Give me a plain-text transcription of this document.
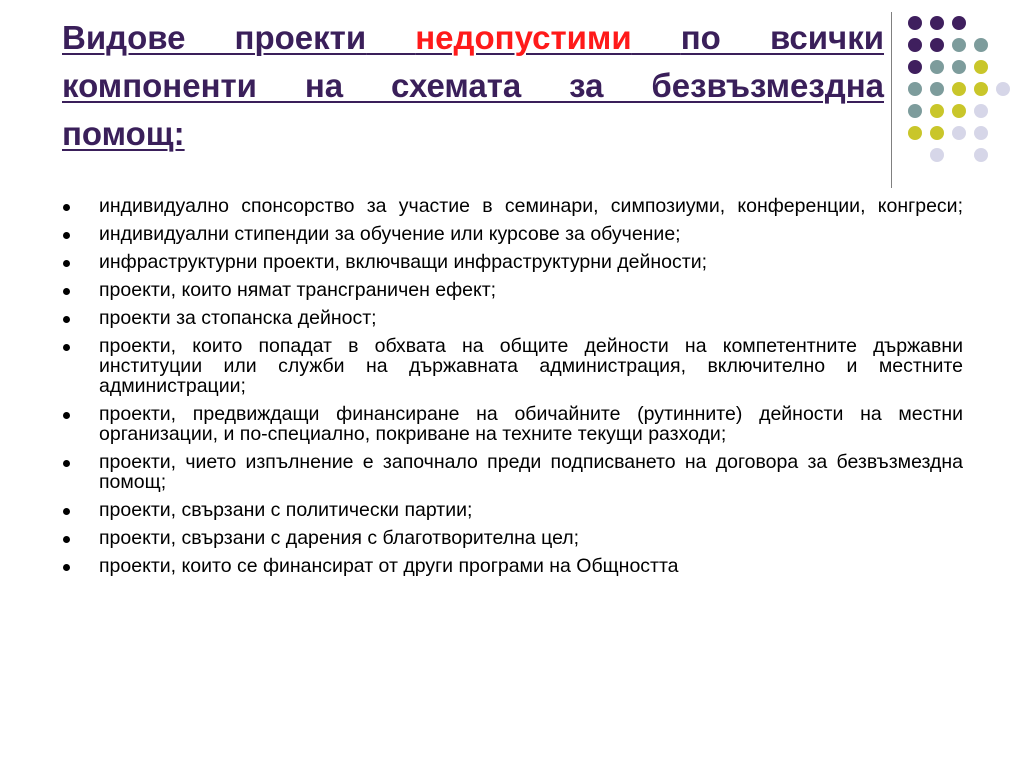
Видове проекти недопустими по всички
компоненти на схемата за безвъзмездна

помощ:
индивидуално спонсорство за участие в семинари, симпозиуми, конференции, конгреси;
индивидуални стипендии за обучение или курсове за обучение;
инфраструктурни проекти, включващи инфраструктурни дейности;
проекти, които нямат трансграничен ефект;
проекти за стопанска дейност;
проекти, които попадат в обхвата на общите дейности на компетентните държавни институции или служби на държавната администрация, включително и местните администрации;
проекти, предвиждащи финансиране на обичайните (рутинните) дейности на местни организации, и по-специално, покриване на техните текущи разходи;
проекти, чието изпълнение е започнало преди подписването на договора за безвъзмездна помощ;
проекти, свързани с политически партии;
проекти, свързани с дарения с благотворителна цел;
проекти, които се финансират от други програми на Общността
